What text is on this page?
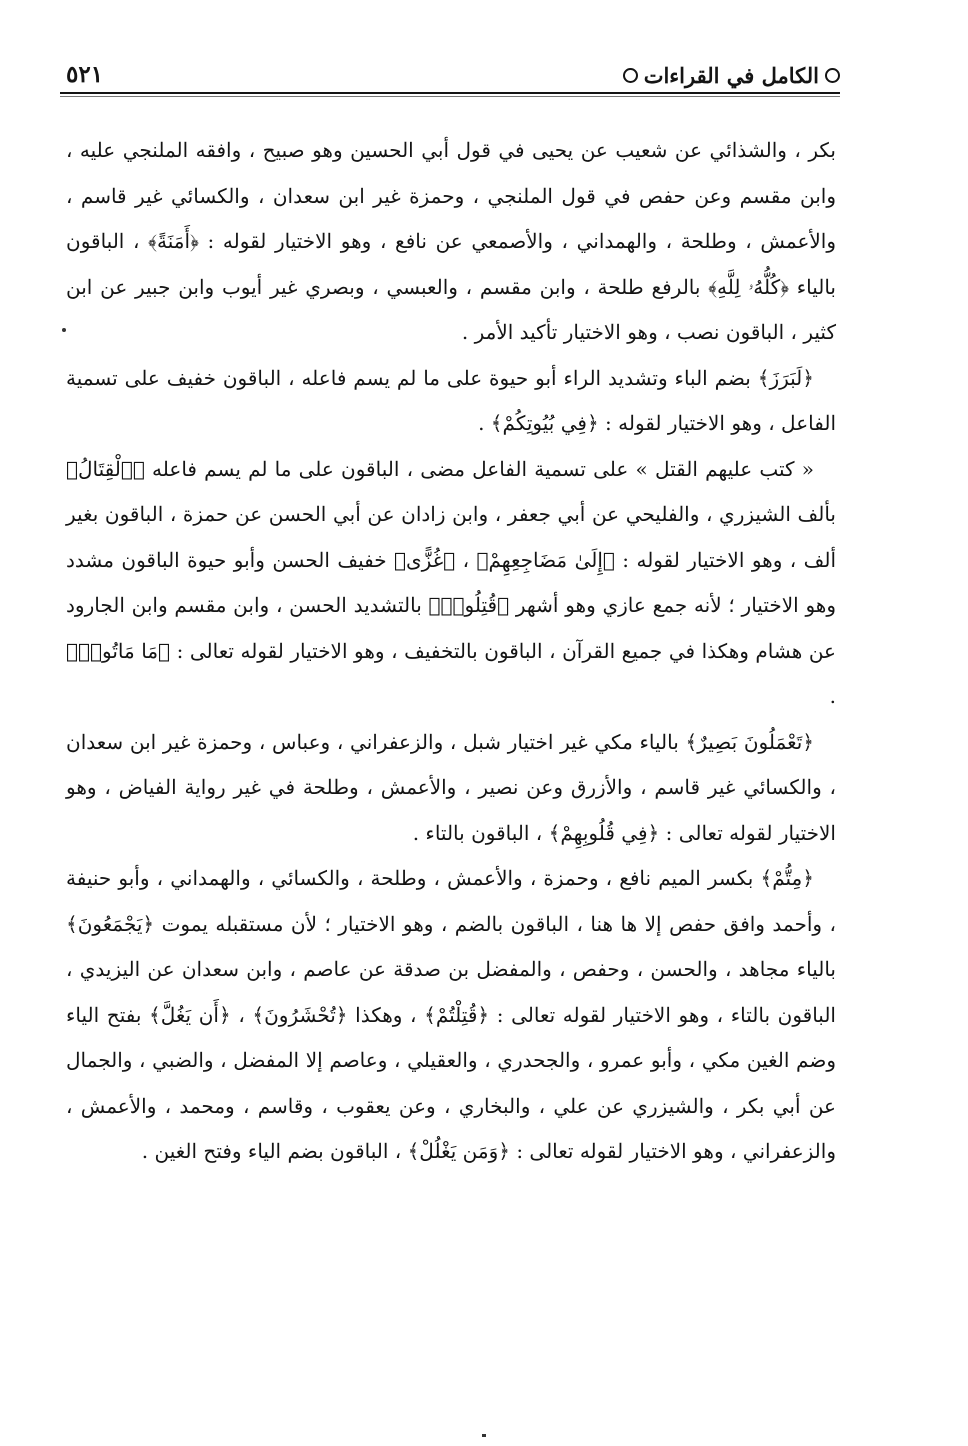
الكامل في القراءات
٥٢١

بكر ، والشذائي عن شعيب عن يحيى في قول أبي الحسين وهو صبيح ، وافقه الملنجي عليه ، وابن مقسم وعن حفص في قول الملنجي ، وحمزة غير ابن سعدان ، والكسائي غير قاسم ، والأعمش ، وطلحة ، والهمداني ، والأصمعي عن نافع ، وهو الاختيار لقوله : ﴿أَمَنَةً﴾ ، الباقون بالياء ﴿كُلُّهُۥ لِلَّهِ﴾ بالرفع طلحة ، وابن مقسم ، والعبسي ، وبصري غير أيوب وابن جبير عن ابن كثير ، الباقون نصب ، وهو الاختيار تأكيد الأمر .

﴿لَبَرَزَ﴾ بضم الباء وتشديد الراء أبو حيوة على ما لم يسم فاعله ، الباقون خفيف على تسمية الفاعل ، وهو الاختيار لقوله : ﴿فِي بُيُوتِكُمْ﴾ .

« كتب عليهم القتل » على تسمية الفاعل مضى ، الباقون على ما لم يسم فاعله ﴿ٱلْقِتَالُ﴾ بألف الشيزري ، والفليحي عن أبي جعفر ، وابن زادان عن أبي الحسن عن حمزة ، الباقون بغير ألف ، وهو الاختيار لقوله : ﴿إِلَىٰ مَضَاجِعِهِمْ﴾ ، ﴿غُزًّى﴾ خفيف الحسن وأبو حيوة الباقون مشدد وهو الاختيار ؛ لأنه جمع عازي وهو أشهر ﴿قُتِلُوا۟﴾ بالتشديد الحسن ، وابن مقسم وابن الجارود عن هشام وهكذا في جميع القرآن ، الباقون بالتخفيف ، وهو الاختيار لقوله تعالى : ﴿مَا مَاتُوا۟﴾ .

﴿تَعْمَلُونَ بَصِيرٌ﴾ بالياء مكي غير اختيار شبل ، والزعفراني ، وعباس ، وحمزة غير ابن سعدان ، والكسائي غير قاسم ، والأزرق وعن نصير ، والأعمش ، وطلحة في غير رواية الفياض ، وهو الاختيار لقوله تعالى : ﴿فِي قُلُوبِهِمْ﴾ ، الباقون بالتاء .

﴿مِتُّمْ﴾ بكسر الميم نافع ، وحمزة ، والأعمش ، وطلحة ، والكسائي ، والهمداني ، وأبو حنيفة ، وأحمد وافق حفص إلا ها هنا ، الباقون بالضم ، وهو الاختيار ؛ لأن مستقبله يموت ﴿يَجْمَعُونَ﴾ بالياء مجاهد ، والحسن ، وحفص ، والمفضل بن صدقة عن عاصم ، وابن سعدان عن اليزيدي ، الباقون بالتاء ، وهو الاختيار لقوله تعالى : ﴿قُتِلْتُمْ﴾ ، وهكذا ﴿تُحْشَرُونَ﴾ ، ﴿أَن يَغُلَّ﴾ بفتح الياء وضم الغين مكي ، وأبو عمرو ، والجحدري ، والعقيلي ، وعاصم إلا المفضل ، والضبي ، والجمال عن أبي بكر ، والشيزري عن علي ، والبخاري ، وعن يعقوب ، وقاسم ، ومحمد ، والأعمش ، والزعفراني ، وهو الاختيار لقوله تعالى : ﴿وَمَن يَغْلُلْ﴾ ، الباقون بضم الياء وفتح الغين .
